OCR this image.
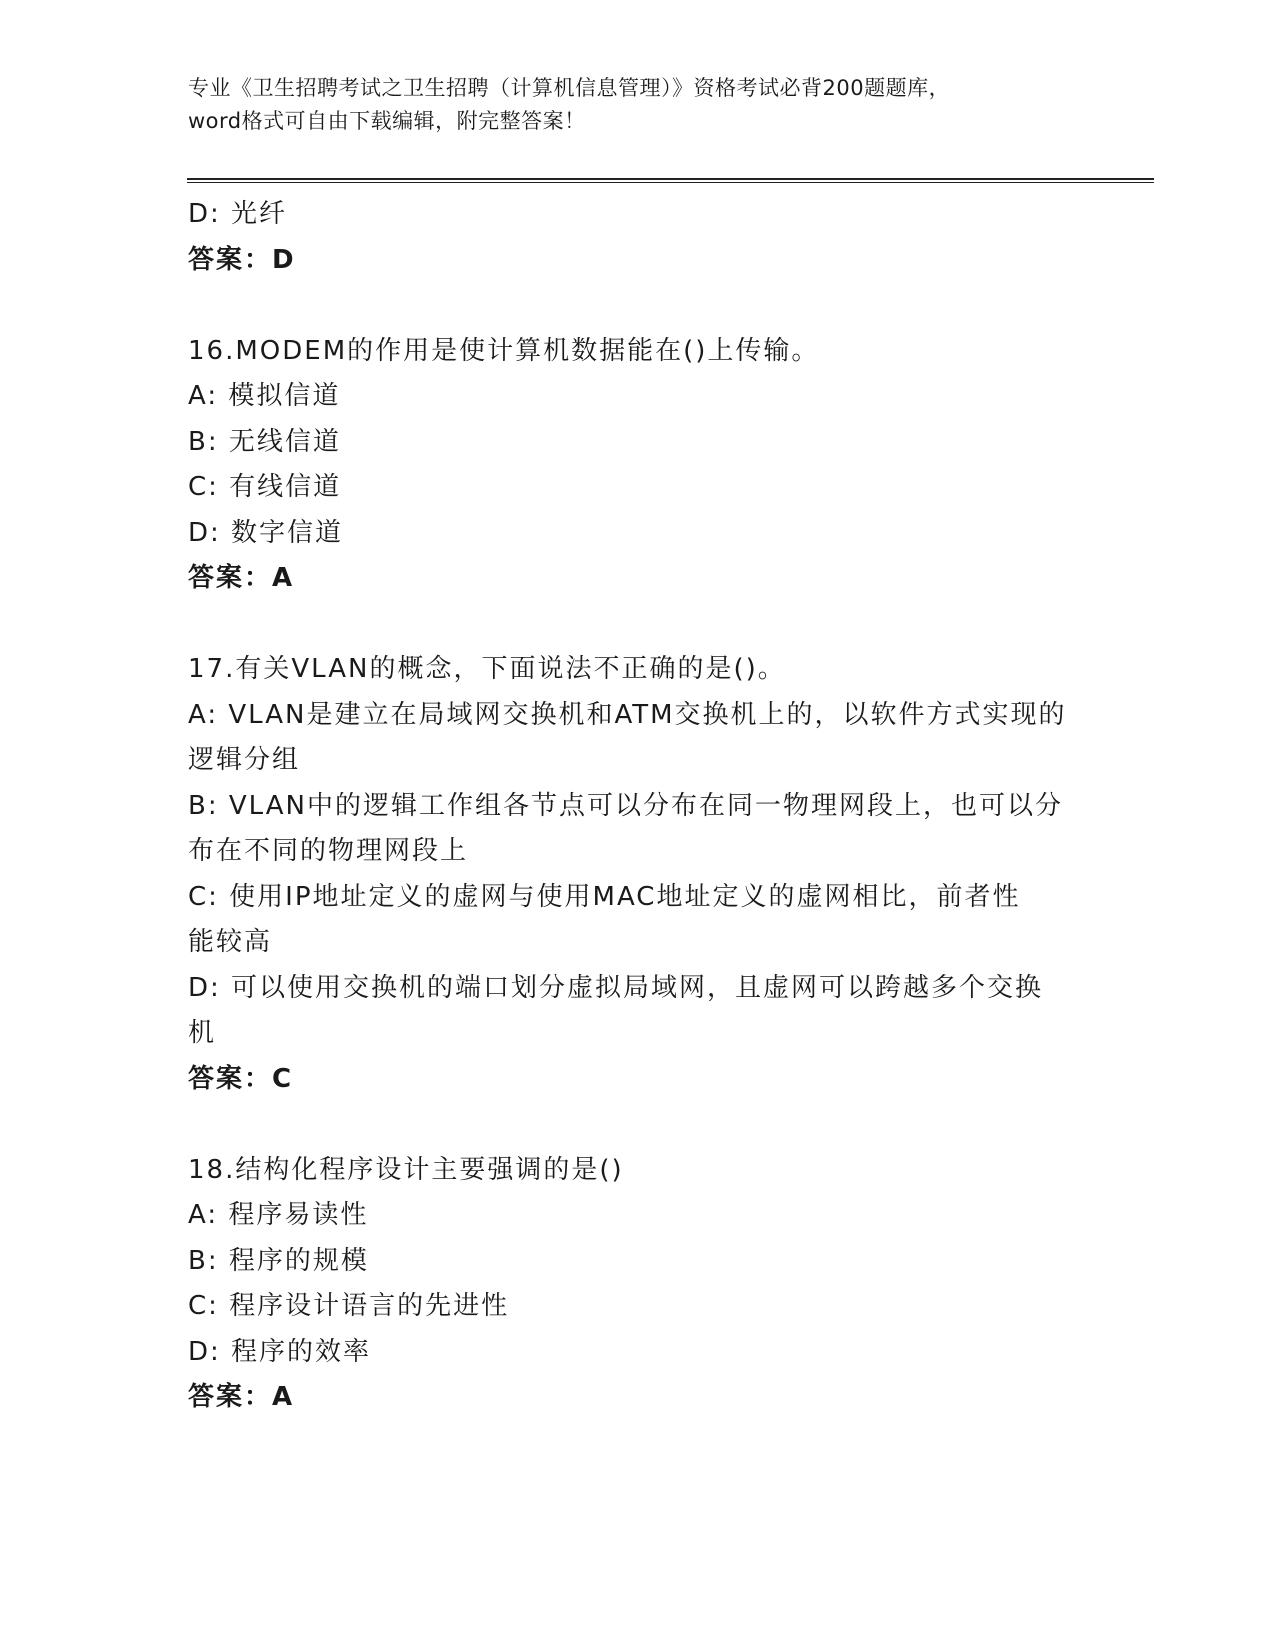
专业《卫生招聘考试之卫生招聘（计算机信息管理）》资格考试必背200题题库，
word格式可自由下载编辑，附完整答案！
D: 光纤
答案：D
16.MODEM的作用是使计算机数据能在()上传输。
A: 模拟信道
B: 无线信道
C: 有线信道
D: 数字信道
答案：A
17.有关VLAN的概念，下面说法不正确的是()。
A: VLAN是建立在局域网交换机和ATM交换机上的，以软件方式实现的
逻辑分组
B: VLAN中的逻辑工作组各节点可以分布在同一物理网段上，也可以分
布在不同的物理网段上
C: 使用IP地址定义的虚网与使用MAC地址定义的虚网相比，前者性
能较高
D: 可以使用交换机的端口划分虚拟局域网，且虚网可以跨越多个交换
机
答案：C
18.结构化程序设计主要强调的是()
A: 程序易读性
B: 程序的规模
C: 程序设计语言的先进性
D: 程序的效率
答案：A
